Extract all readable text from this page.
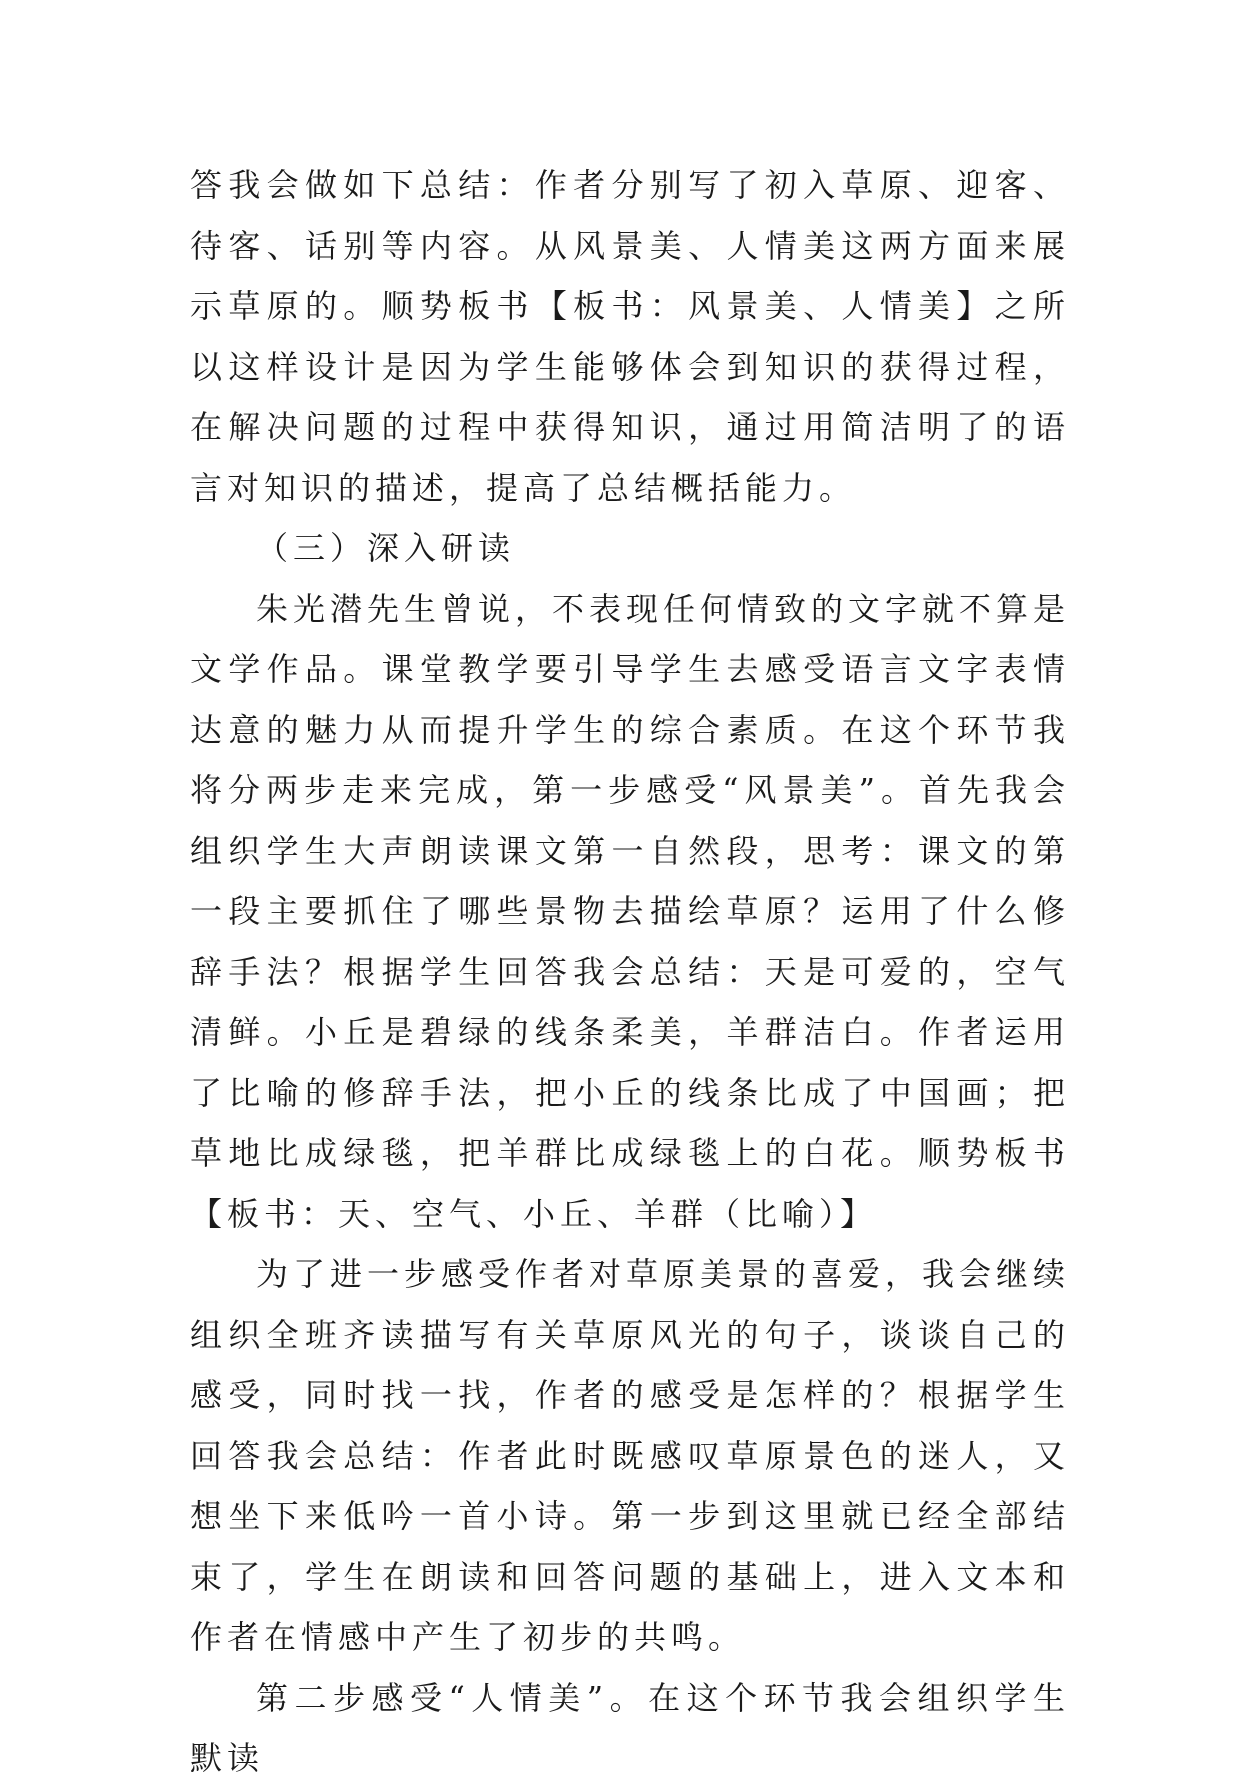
答我会做如下总结：作者分别写了初入草原、迎客、待客、话别等内容。从风景美、人情美这两方面来展示草原的。顺势板书【板书：风景美、人情美】之所以这样设计是因为学生能够体会到知识的获得过程，在解决问题的过程中获得知识，通过用简洁明了的语言对知识的描述，提高了总结概括能力。

（三）深入研读

朱光潜先生曾说，不表现任何情致的文字就不算是文学作品。课堂教学要引导学生去感受语言文字表情达意的魅力从而提升学生的综合素质。在这个环节我将分两步走来完成，第一步感受“风景美”。首先我会组织学生大声朗读课文第一自然段，思考：课文的第一段主要抓住了哪些景物去描绘草原？运用了什么修辞手法？根据学生回答我会总结：天是可爱的，空气清鲜。小丘是碧绿的线条柔美，羊群洁白。作者运用了比喻的修辞手法，把小丘的线条比成了中国画；把草地比成绿毯，把羊群比成绿毯上的白花。顺势板书【板书：天、空气、小丘、羊群（比喻）】

为了进一步感受作者对草原美景的喜爱，我会继续组织全班齐读描写有关草原风光的句子，谈谈自己的感受，同时找一找，作者的感受是怎样的？根据学生回答我会总结：作者此时既感叹草原景色的迷人，又想坐下来低吟一首小诗。第一步到这里就已经全部结束了，学生在朗读和回答问题的基础上，进入文本和作者在情感中产生了初步的共鸣。

第二步感受“人情美”。在这个环节我会组织学生默读
